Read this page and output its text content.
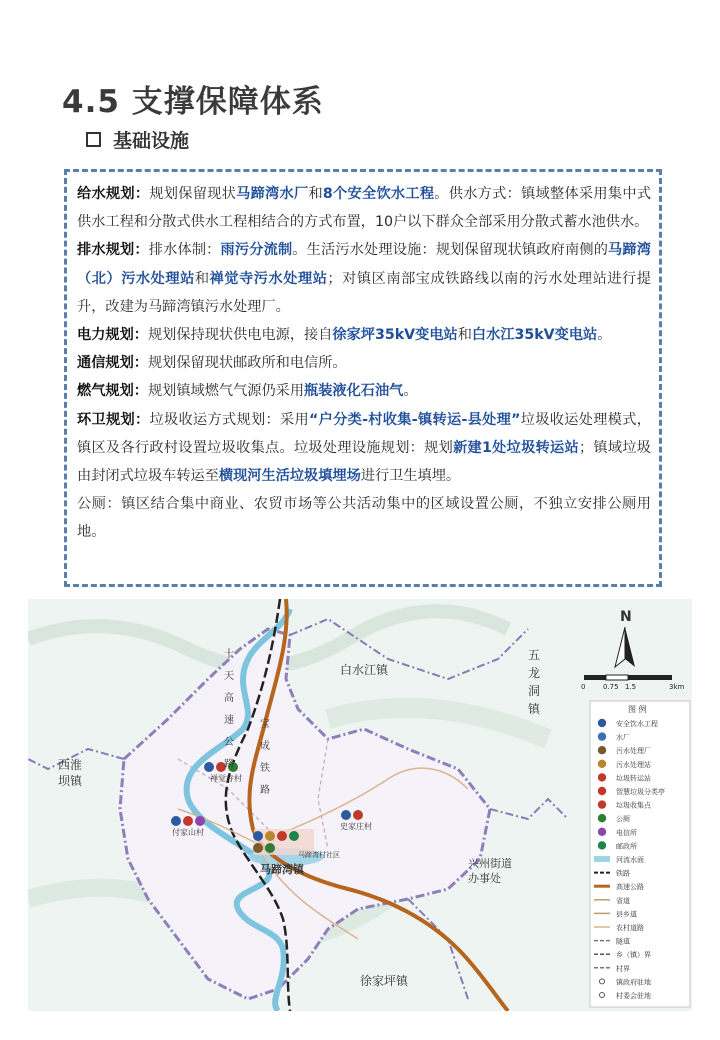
4.5 支撑保障体系
基础设施
给水规划：规划保留现状马蹄湾水厂和8个安全饮水工程。供水方式：镇域整体采用集中式供水工程和分散式供水工程相结合的方式布置，10户以下群众全部采用分散式蓄水池供水。
排水规划：排水体制：雨污分流制。生活污水处理设施：规划保留现状镇政府南侧的马蹄湾（北）污水处理站和禅觉寺污水处理站；对镇区南部宝成铁路线以南的污水处理站进行提升，改建为马蹄湾镇污水处理厂。
电力规划：规划保持现状供电电源，接自徐家坪35kV变电站和白水江35kV变电站。
通信规划：规划保留现状邮政所和电信所。
燃气规划：规划镇域燃气气源仍采用瓶装液化石油气。
环卫规划：垃圾收运方式规划：采用“户分类-村收集-镇转运-县处理”垃圾收运处理模式，镇区及各行政村设置垃圾收集点。垃圾处理设施规划：规划新建1处垃圾转运站；镇域垃圾由封闭式垃圾车转运至横现河生活垃圾填埋场进行卫生填埋。
公厕：镇区结合集中商业、农贸市场等公共活动集中的区域设置公厕，不独立安排公厕用地。
白水江镇
西淮坝镇
兴州街道办事处
徐家坪镇
马蹄湾镇
禅觉寺村
付家山村
史家庄村
马蹄湾村社区
五
龙
洞
镇
十
天
高
速
公
路
宝
成
铁
路
N
0	0.75 1.5	3km
图 例
安全饮水工程
水厂
污水处理厂
污水处理站
垃圾转运站
智慧垃圾分类亭
垃圾收集点
公厕
电信所
邮政所
河流水面
铁路
高速公路
省道
县乡道
农村道路
隧道
乡（镇）界
村界
镇政府驻地
村委会驻地
